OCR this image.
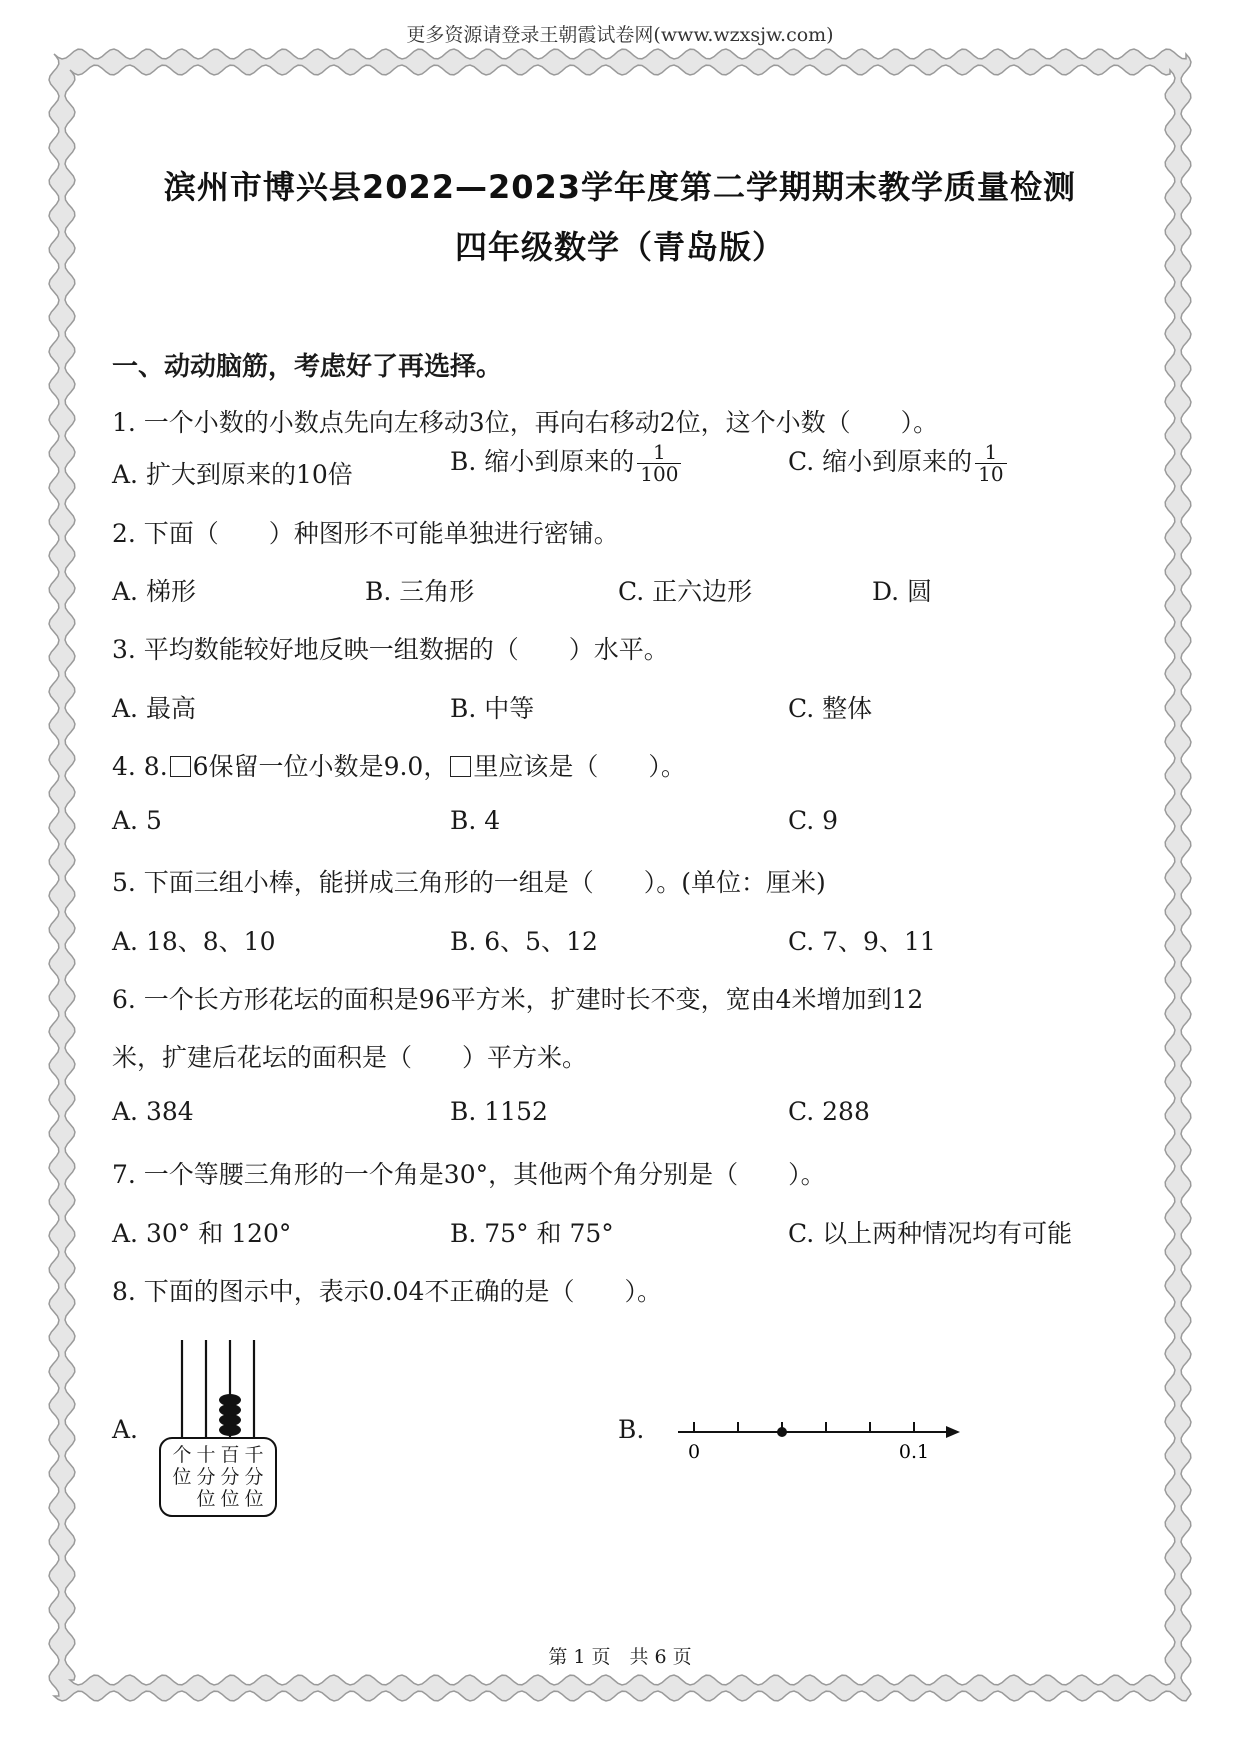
更多资源请登录王朝霞试卷网(www.wzxsjw.com)
滨州市博兴县2022—2023学年度第二学期期末教学质量检测
四年级数学（青岛版）
一、动动脑筋，考虑好了再选择。
1. 一个小数的小数点先向左移动3位，再向右移动2位，这个小数（　　）。
A. 扩大到原来的10倍	B. 缩小到原来的 $\frac{1}{100}$	C. 缩小到原来的 $\frac{1}{10}$
2. 下面（　　）种图形不可能单独进行密铺。
A. 梯形	B. 三角形	C. 正六边形	D. 圆
3. 平均数能较好地反映一组数据的（　　）水平。
A. 最高	B. 中等	C. 整体
4. 8. 6保留一位小数是9.0， 里应该是（　　）。
A. 5	B. 4	C. 9
5. 下面三组小棒，能拼成三角形的一组是（　　）。(单位：厘米)
A. 18、8、10	B. 6、5、12	C. 7、9、11
6. 一个长方形花坛的面积是96平方米，扩建时长不变，宽由4米增加到12
米，扩建后花坛的面积是（　　）平方米。
A. 384	B. 1152	C. 288
7. 一个等腰三角形的一个角是30°，其他两个角分别是（　　）。
A. 30° 和 120°	B. 75° 和 75°	C. 以上两种情况均有可能
8. 下面的图示中，表示0.04不正确的是（　　）。
A.
个位
十分位
百分位
千分位
B.
0	0.1
第 1 页　共 6 页
